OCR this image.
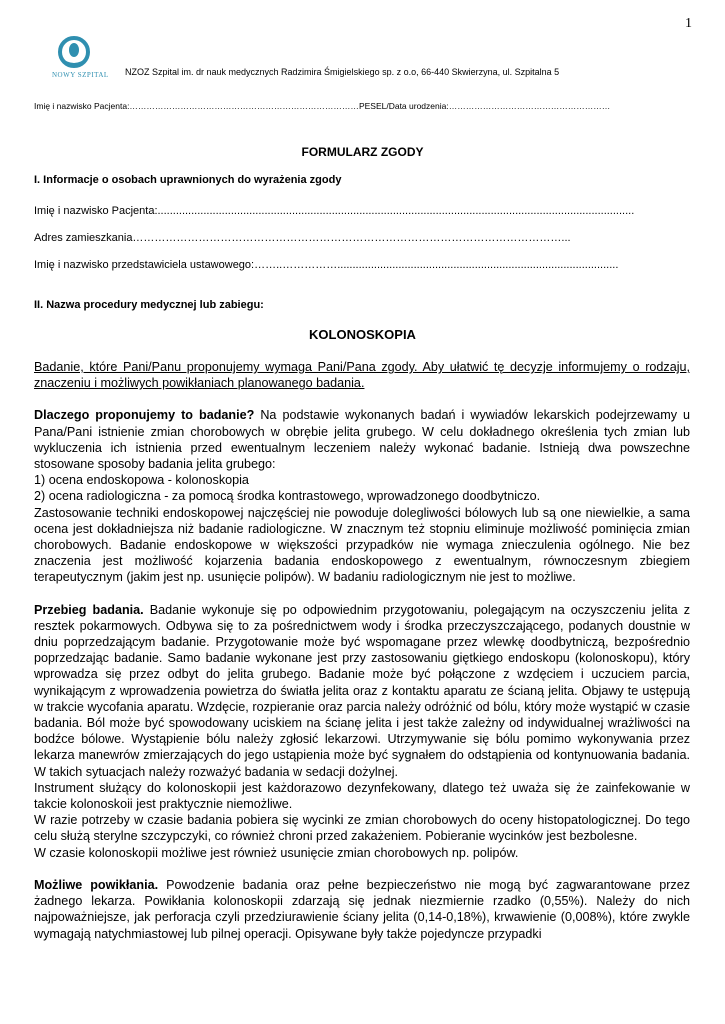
1
NOWY SZPITAL NZOZ Szpital im. dr nauk medycznych Radzimira Śmigielskiego sp. z o.o, 66-440 Skwierzyna, ul. Szpitalna 5
Imię i nazwisko Pacjenta:………………………………………………………………………PESEL/Data urodzenia:…………………………………………………
FORMULARZ ZGODY
I. Informacje o osobach uprawnionych do wyrażenia zgody
Imię i nazwisko Pacjenta:............................................................................................................................................................
Adres zamieszkania………………………………………………………………………………………………………...
Imię i nazwisko przedstawiciela ustawowego:……..……………............................................................................................
II. Nazwa procedury medycznej lub zabiegu:
KOLONOSKOPIA

Badanie, które Pani/Panu proponujemy wymaga Pani/Pana zgody. Aby ułatwić tę decyzje informujemy o rodzaju, znaczeniu i możliwych powikłaniach planowanego badania.

Dlaczego proponujemy to badanie? Na podstawie wykonanych badań i wywiadów lekarskich podejrzewamy u Pana/Pani istnienie zmian chorobowych w obrębie jelita grubego. W celu dokładnego określenia tych zmian lub wykluczenia ich istnienia przed ewentualnym leczeniem należy wykonać badanie. Istnieją dwa powszechne stosowane sposoby badania jelita grubego:

1) ocena endoskopowa - kolonoskopia

2) ocena radiologiczna - za pomocą środka kontrastowego, wprowadzonego doodbytniczo.

Zastosowanie techniki endoskopowej najczęściej nie powoduje dolegliwości bólowych lub są one niewielkie, a sama ocena jest dokładniejsza niż badanie radiologiczne. W znacznym też stopniu eliminuje możliwość pominięcia zmian chorobowych. Badanie endoskopowe w większości przypadków nie wymaga znieczulenia ogólnego. Nie bez znaczenia jest możliwość kojarzenia badania endoskopowego z ewentualnym, równoczesnym zbiegiem terapeutycznym (jakim jest np. usunięcie polipów). W badaniu radiologicznym nie jest to możliwe.

Przebieg badania. Badanie wykonuje się po odpowiednim przygotowaniu, polegającym na oczyszczeniu jelita z resztek pokarmowych. Odbywa się to za pośrednictwem wody i środka przeczyszczającego, podanych doustnie w dniu poprzedzającym badanie. Przygotowanie może być wspomagane przez wlewkę doodbytniczą, bezpośrednio poprzedzając badanie. Samo badanie wykonane jest przy zastosowaniu giętkiego endoskopu (kolonoskopu), który wprowadza się przez odbyt do jelita grubego. Badanie może być połączone z wzdęciem i uczuciem parcia, wynikającym z wprowadzenia powietrza do światła jelita oraz z kontaktu aparatu ze ścianą jelita. Objawy te ustępują w trakcie wycofania aparatu. Wzdęcie, rozpieranie oraz parcia należy odróżnić od bólu, który może wystąpić w czasie badania. Ból może być spowodowany uciskiem na ścianę jelita i jest także zależny od indywidualnej wrażliwości na bodźce bólowe. Wystąpienie bólu należy zgłosić lekarzowi. Utrzymywanie się bólu pomimo wykonywania przez lekarza manewrów zmierzających do jego ustąpienia może być sygnałem do odstąpienia od kontynuowania badania. W takich sytuacjach należy rozważyć badania w sedacji dożylnej.

Instrument służący do kolonoskopii jest każdorazowo dezynfekowany, dlatego też uważa się że zainfekowanie w takcie kolonoskoii jest praktycznie niemożliwe.

W razie potrzeby w czasie badania pobiera się wycinki ze zmian chorobowych do oceny histopatologicznej. Do tego celu służą sterylne szczypczyki, co również chroni przed zakażeniem. Pobieranie wycinków jest bezbolesne.

W czasie kolonoskopii możliwe jest również usunięcie zmian chorobowych np. polipów.

Możliwe powikłania. Powodzenie badania oraz pełne bezpieczeństwo nie mogą być zagwarantowane przez żadnego lekarza. Powikłania kolonoskopii zdarzają się jednak niezmiernie rzadko (0,55%). Należy do nich najpoważniejsze, jak perforacja czyli przedziurawienie ściany jelita (0,14-0,18%), krwawienie (0,008%), które zwykle wymagają natychmiastowej lub pilnej operacji. Opisywane były także pojedyncze przypadki
